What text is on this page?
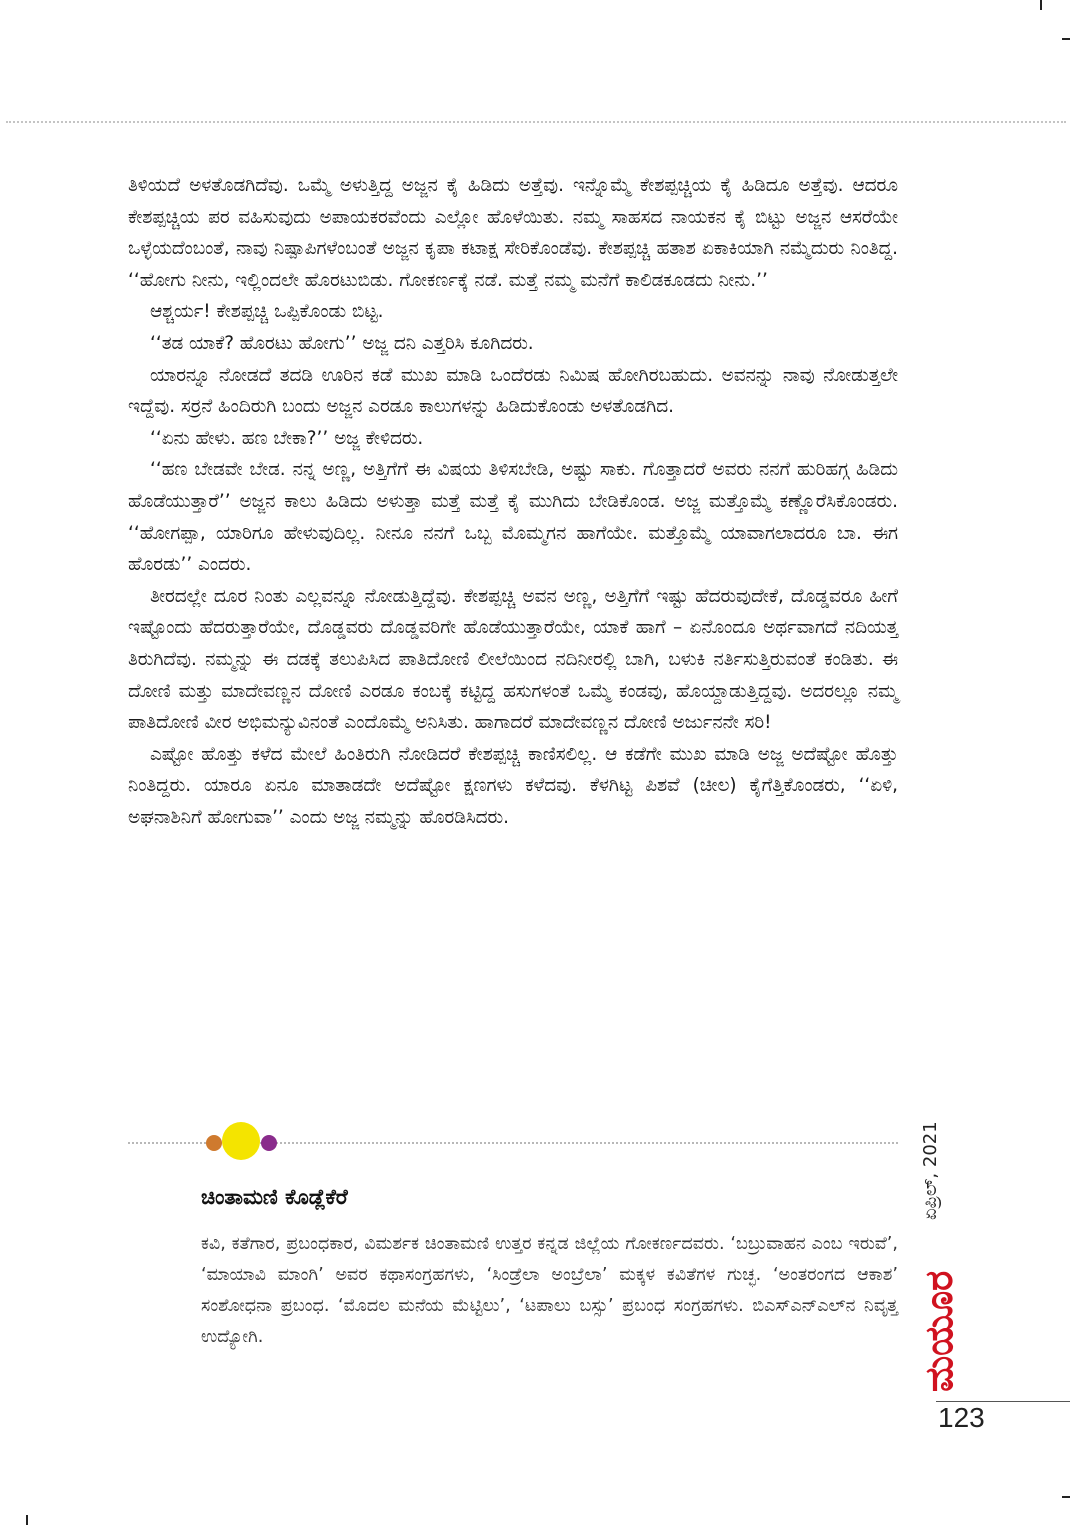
ತಿಳಿಯದೆ ಅಳತೊಡಗಿದೆವು. ಒಮ್ಮೆ ಅಳುತ್ತಿದ್ದ ಅಜ್ಜನ ಕೈ ಹಿಡಿದು ಅತ್ತೆವು. ಇನ್ನೊಮ್ಮೆ ಕೇಶಪ್ಪಚ್ಚಿಯ ಕೈ ಹಿಡಿದೂ ಅತ್ತೆವು. ಆದರೂ ಕೇಶಪ್ಪಚ್ಚಿಯ ಪರ ವಹಿಸುವುದು ಅಪಾಯಕರವೆಂದು ಎಲ್ಲೋ ಹೊಳೆಯಿತು. ನಮ್ಮ ಸಾಹಸದ ನಾಯಕನ ಕೈ ಬಿಟ್ಟು ಅಜ್ಜನ ಆಸರೆಯೇ ಒಳ್ಳೆಯದೆಂಬಂತೆ, ನಾವು ನಿಷ್ಪಾಪಿಗಳೆಂಬಂತೆ ಅಜ್ಜನ ಕೃಪಾ ಕಟಾಕ್ಷ ಸೇರಿಕೊಂಡೆವು. ಕೇಶಪ್ಪಚ್ಚಿ ಹತಾಶ ಏಕಾಕಿಯಾಗಿ ನಮ್ಮೆದುರು ನಿಂತಿದ್ದ. ‘‘ಹೋಗು ನೀನು, ಇಲ್ಲಿಂದಲೇ ಹೊರಟುಬಿಡು. ಗೋಕರ್ಣಕ್ಕೆ ನಡೆ. ಮತ್ತೆ ನಮ್ಮ ಮನೆಗೆ ಕಾಲಿಡಕೂಡದು ನೀನು.’’

ಆಶ್ಚರ್ಯ! ಕೇಶಪ್ಪಚ್ಚಿ ಒಪ್ಪಿಕೊಂಡು ಬಿಟ್ಟ.

‘‘ತಡ ಯಾಕೆ? ಹೊರಟು ಹೋಗು’’ ಅಜ್ಜ ದನಿ ಎತ್ತರಿಸಿ ಕೂಗಿದರು.

ಯಾರನ್ನೂ ನೋಡದೆ ತದಡಿ ಊರಿನ ಕಡೆ ಮುಖ ಮಾಡಿ ಒಂದೆರಡು ನಿಮಿಷ ಹೋಗಿರಬಹುದು. ಅವನನ್ನು ನಾವು ನೋಡುತ್ತಲೇ ಇದ್ದೆವು. ಸರ್ರನೆ ಹಿಂದಿರುಗಿ ಬಂದು ಅಜ್ಜನ ಎರಡೂ ಕಾಲುಗಳನ್ನು ಹಿಡಿದುಕೊಂಡು ಅಳತೊಡಗಿದ.

‘‘ಏನು ಹೇಳು. ಹಣ ಬೇಕಾ?’’ ಅಜ್ಜ ಕೇಳಿದರು.

‘‘ಹಣ ಬೇಡವೇ ಬೇಡ. ನನ್ನ ಅಣ್ಣ, ಅತ್ತಿಗೆಗೆ ಈ ವಿಷಯ ತಿಳಿಸಬೇಡಿ, ಅಷ್ಟು ಸಾಕು. ಗೊತ್ತಾದರೆ ಅವರು ನನಗೆ ಹುರಿಹಗ್ಗ ಹಿಡಿದು ಹೊಡೆಯುತ್ತಾರೆ’’ ಅಜ್ಜನ ಕಾಲು ಹಿಡಿದು ಅಳುತ್ತಾ ಮತ್ತೆ ಮತ್ತೆ ಕೈ ಮುಗಿದು ಬೇಡಿಕೊಂಡ. ಅಜ್ಜ ಮತ್ತೊಮ್ಮೆ ಕಣ್ಣೊರೆಸಿಕೊಂಡರು. ‘‘ಹೋಗಪ್ಪಾ, ಯಾರಿಗೂ ಹೇಳುವುದಿಲ್ಲ. ನೀನೂ ನನಗೆ ಒಬ್ಬ ಮೊಮ್ಮಗನ ಹಾಗೆಯೇ. ಮತ್ತೊಮ್ಮೆ ಯಾವಾಗಲಾದರೂ ಬಾ. ಈಗ ಹೊರಡು’’ ಎಂದರು.

ತೀರದಲ್ಲೇ ದೂರ ನಿಂತು ಎಲ್ಲವನ್ನೂ ನೋಡುತ್ತಿದ್ದೆವು. ಕೇಶಪ್ಪಚ್ಚಿ ಅವನ ಅಣ್ಣ, ಅತ್ತಿಗೆಗೆ ಇಷ್ಟು ಹೆದರುವುದೇಕೆ, ದೊಡ್ಡವರೂ ಹೀಗೆ ಇಷ್ಟೊಂದು ಹೆದರುತ್ತಾರೆಯೇ, ದೊಡ್ಡವರು ದೊಡ್ಡವರಿಗೇ ಹೊಡೆಯುತ್ತಾರೆಯೇ, ಯಾಕೆ ಹಾಗೆ – ಏನೊಂದೂ ಅರ್ಥವಾಗದೆ ನದಿಯತ್ತ ತಿರುಗಿದೆವು. ನಮ್ಮನ್ನು ಈ ದಡಕ್ಕೆ ತಲುಪಿಸಿದ ಪಾತಿದೋಣಿ ಲೀಲೆಯಿಂದ ನದಿನೀರಲ್ಲಿ ಬಾಗಿ, ಬಳುಕಿ ನರ್ತಿಸುತ್ತಿರುವಂತೆ ಕಂಡಿತು. ಈ ದೋಣಿ ಮತ್ತು ಮಾದೇವಣ್ಣನ ದೋಣಿ ಎರಡೂ ಕಂಬಕ್ಕೆ ಕಟ್ಟಿದ್ದ ಹಸುಗಳಂತೆ ಒಮ್ಮೆ ಕಂಡವು, ಹೊಯ್ದಾಡುತ್ತಿದ್ದವು. ಅದರಲ್ಲೂ ನಮ್ಮ ಪಾತಿದೋಣಿ ವೀರ ಅಭಿಮನ್ಯುವಿನಂತೆ ಎಂದೊಮ್ಮೆ ಅನಿಸಿತು. ಹಾಗಾದರೆ ಮಾದೇವಣ್ಣನ ದೋಣಿ ಅರ್ಜುನನೇ ಸರಿ!

ಎಷ್ಟೋ ಹೊತ್ತು ಕಳೆದ ಮೇಲೆ ಹಿಂತಿರುಗಿ ನೋಡಿದರೆ ಕೇಶಪ್ಪಚ್ಚಿ ಕಾಣಿಸಲಿಲ್ಲ. ಆ ಕಡೆಗೇ ಮುಖ ಮಾಡಿ ಅಜ್ಜ ಅದೆಷ್ಟೋ ಹೊತ್ತು ನಿಂತಿದ್ದರು. ಯಾರೂ ಏನೂ ಮಾತಾಡದೇ ಅದೆಷ್ಟೋ ಕ್ಷಣಗಳು ಕಳೆದವು. ಕೆಳಗಿಟ್ಟ ಪಿಶವೆ (ಚೀಲ) ಕೈಗೆತ್ತಿಕೊಂಡರು, ‘‘ಏಳಿ, ಅಘನಾಶಿನಿಗೆ ಹೋಗುವಾ’’ ಎಂದು ಅಜ್ಜ ನಮ್ಮನ್ನು ಹೊರಡಿಸಿದರು.

ಚಿಂತಾಮಣಿ ಕೊಡ್ಲೆಕೆರೆ
ಕವಿ, ಕತೆಗಾರ, ಪ್ರಬಂಧಕಾರ, ವಿಮರ್ಶಕ ಚಿಂತಾಮಣಿ ಉತ್ತರ ಕನ್ನಡ ಜಿಲ್ಲೆಯ ಗೋಕರ್ಣದವರು. ‘ಬಬ್ರುವಾಹನ ಎಂಬ ಇರುವೆ’, ‘ಮಾಯಾವಿ ಮಾಂಗಿ’ ಅವರ ಕಥಾಸಂಗ್ರಹಗಳು, ‘ಸಿಂಡ್ರೆಲಾ ಅಂಬ್ರೆಲಾ’ ಮಕ್ಕಳ ಕವಿತೆಗಳ ಗುಚ್ಛ. ‘ಅಂತರಂಗದ ಆಕಾಶ’ ಸಂಶೋಧನಾ ಪ್ರಬಂಧ. ‘ಮೊದಲ ಮನೆಯ ಮೆಟ್ಟಿಲು’, ‘ಟಪಾಲು ಬಸ್ಸು’ ಪ್ರಬಂಧ ಸಂಗ್ರಹಗಳು. ಬಿಎಸ್‌ಎನ್‌ಎಲ್‌ನ ನಿವೃತ್ತ ಉದ್ಯೋಗಿ.
ಏಪ್ರಿಲ್, 2021
ಮಯೂರ
123
